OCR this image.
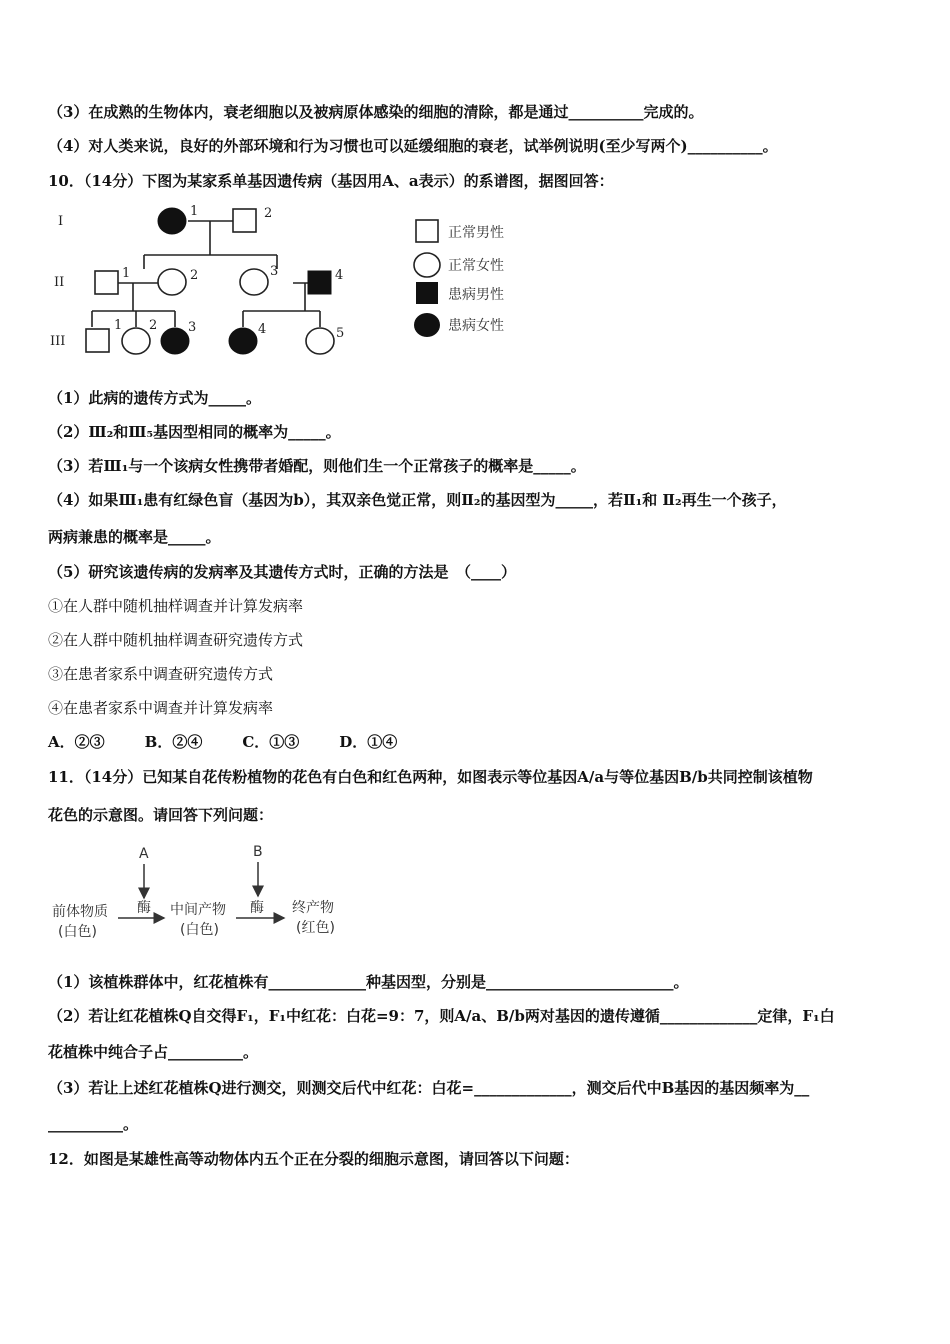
（3）在成熟的生物体内，衰老细胞以及被病原体感染的细胞的清除，都是通过__________完成的。
（4）对人类来说，良好的外部环境和行为习惯也可以延缓细胞的衰老，试举例说明(至少写两个)__________。
10．（14分）下图为某家系单基因遗传病（基因用A、a表示）的系谱图，据图回答：
I
II
III
1	2
1	2	3	4
1 2 3	4	5
正常男性
正常女性
患病男性
患病女性
（1）此病的遗传方式为_____。
（2）Ⅲ₂和Ⅲ₅基因型相同的概率为_____。
（3）若Ⅲ₁与一个该病女性携带者婚配，则他们生一个正常孩子的概率是_____。
（4）如果Ⅲ₁患有红绿色盲（基因为b），其双亲色觉正常，则Ⅱ₂的基因型为_____，若Ⅱ₁和 Ⅱ₂再生一个孩子，
两病兼患的概率是_____。
（5）研究该遗传病的发病率及其遗传方式时，正确的方法是　（____）
①在人群中随机抽样调查并计算发病率
②在人群中随机抽样调查研究遗传方式
③在患者家系中调查研究遗传方式
④在患者家系中调查并计算发病率
A．②③	B．②④	C．①③	D．①④
11．（14分）已知某自花传粉植物的花色有白色和红色两种，如图表示等位基因A/a与等位基因B/b共同控制该植物
花色的示意图。请回答下列问题：
A	B
前体物质
(白色)
酶 中间产物
(白色)
酶 终产物
(红色)
（1）该植株群体中，红花植株有_____________种基因型，分别是_________________________。
（2）若让红花植株Q自交得F₁，F₁中红花：白花=9：7，则A/a、B/b两对基因的遗传遵循_____________定律，F₁白
花植株中纯合子占__________。
（3）若让上述红花植株Q进行测交，则测交后代中红花：白花=_____________，测交后代中B基因的基因频率为__
__________。
12．如图是某雄性高等动物体内五个正在分裂的细胞示意图，请回答以下问题：
